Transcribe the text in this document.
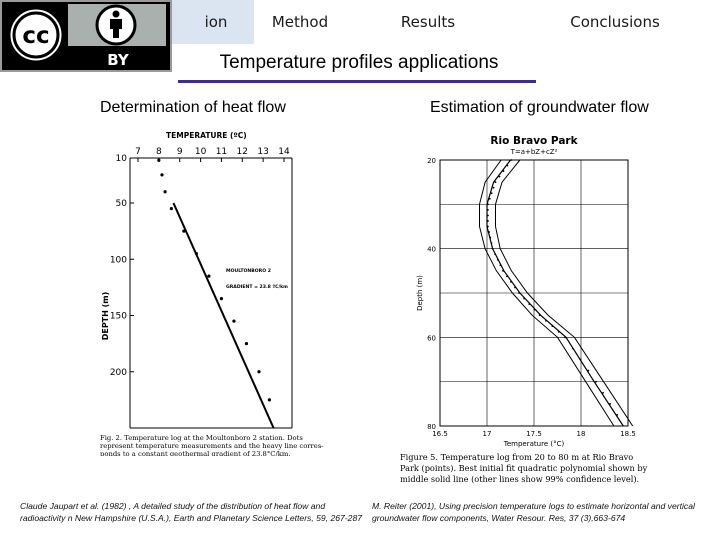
ion	Method	Results	Conclusions
cc
BY	Temperature profiles applications
Determination of heat flow	Estimation of groundwater flow
TEMPERATURE (ºC)
7 8 9 10 11 12 13 14
DEPTH (m)
10
50
100
150
200
MOULTONBORO 2
GRADIENT = 23.8 ºC/km
Fig. 2. Temperature log at the Moultonboro 2 station. Dots
represent temperature measurements and the heavy line corres-
ponds to a constant geothermal gradient of 23.8°C/km.
Rio Bravo Park
T=a+bZ+cZ²
16.5	17	17.5	18	18.5
20
40
60
80
Depth (m)
Temperature (°C)
Figure 5. Temperature log from 20 to 80 m at Rio Bravo
Park (points). Best initial fit quadratic polynomial shown by
middle solid line (other lines show 99% confidence level).
Claude Jaupart et al. (1982) , A detailed study of the distribution of heat flow and radioactivity n New Hampshire (U.S.A.), Earth and Planetary Science Letters, 59, 267-287
M. Reiter (2001), Using precision temperature logs to estimate horizontal and vertical groundwater flow components, Water Resour. Res, 37 (3),663-674
